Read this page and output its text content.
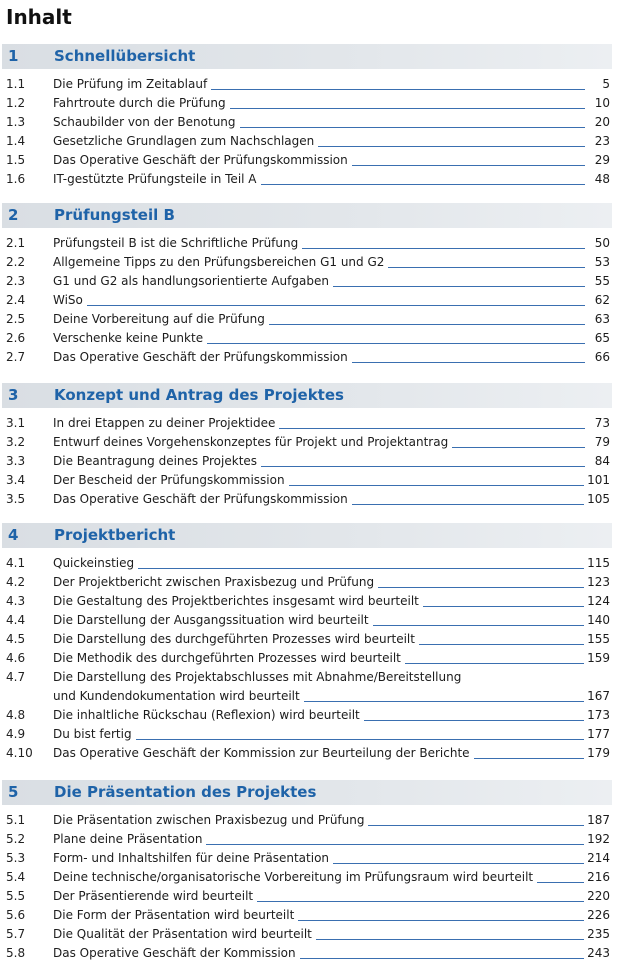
Inhalt
1 Schnellübersicht
1.1	Die Prüfung im Zeitablauf	5
1.2	Fahrtroute durch die Prüfung	10
1.3	Schaubilder von der Benotung	20
1.4	Gesetzliche Grundlagen zum Nachschlagen	23
1.5	Das Operative Geschäft der Prüfungskommission	29
1.6	IT-gestützte Prüfungsteile in Teil A	48
2 Prüfungsteil B
2.1	Prüfungsteil B ist die Schriftliche Prüfung	50
2.2	Allgemeine Tipps zu den Prüfungsbereichen G1 und G2	53
2.3	G1 und G2 als handlungsorientierte Aufgaben	55
2.4	WiSo	62
2.5	Deine Vorbereitung auf die Prüfung	63
2.6	Verschenke keine Punkte	65
2.7	Das Operative Geschäft der Prüfungskommission	66
3 Konzept und Antrag des Projektes
3.1	In drei Etappen zu deiner Projektidee	73
3.2	Entwurf deines Vorgehenskonzeptes für Projekt und Projektantrag	79
3.3	Die Beantragung deines Projektes	84
3.4	Der Bescheid der Prüfungskommission	101
3.5	Das Operative Geschäft der Prüfungskommission	105
4 Projektbericht
4.1	Quickeinstieg	115
4.2	Der Projektbericht zwischen Praxisbezug und Prüfung	123
4.3	Die Gestaltung des Projektberichtes insgesamt wird beurteilt	124
4.4	Die Darstellung der Ausgangssituation wird beurteilt	140
4.5	Die Darstellung des durchgeführten Prozesses wird beurteilt	155
4.6	Die Methodik des durchgeführten Prozesses wird beurteilt	159
4.7	Die Darstellung des Projektabschlusses mit Abnahme/Bereitstellung
und Kundendokumentation wird beurteilt	167
4.8	Die inhaltliche Rückschau (Reflexion) wird beurteilt	173
4.9	Du bist fertig	177
4.10	Das Operative Geschäft der Kommission zur Beurteilung der Berichte	179
5 Die Präsentation des Projektes
5.1	Die Präsentation zwischen Praxisbezug und Prüfung	187
5.2	Plane deine Präsentation	192
5.3	Form- und Inhaltshilfen für deine Präsentation	214
5.4	Deine technische/organisatorische Vorbereitung im Prüfungsraum wird beurteilt	216
5.5	Der Präsentierende wird beurteilt	220
5.6	Die Form der Präsentation wird beurteilt	226
5.7	Die Qualität der Präsentation wird beurteilt	235
5.8	Das Operative Geschäft der Kommission	243
